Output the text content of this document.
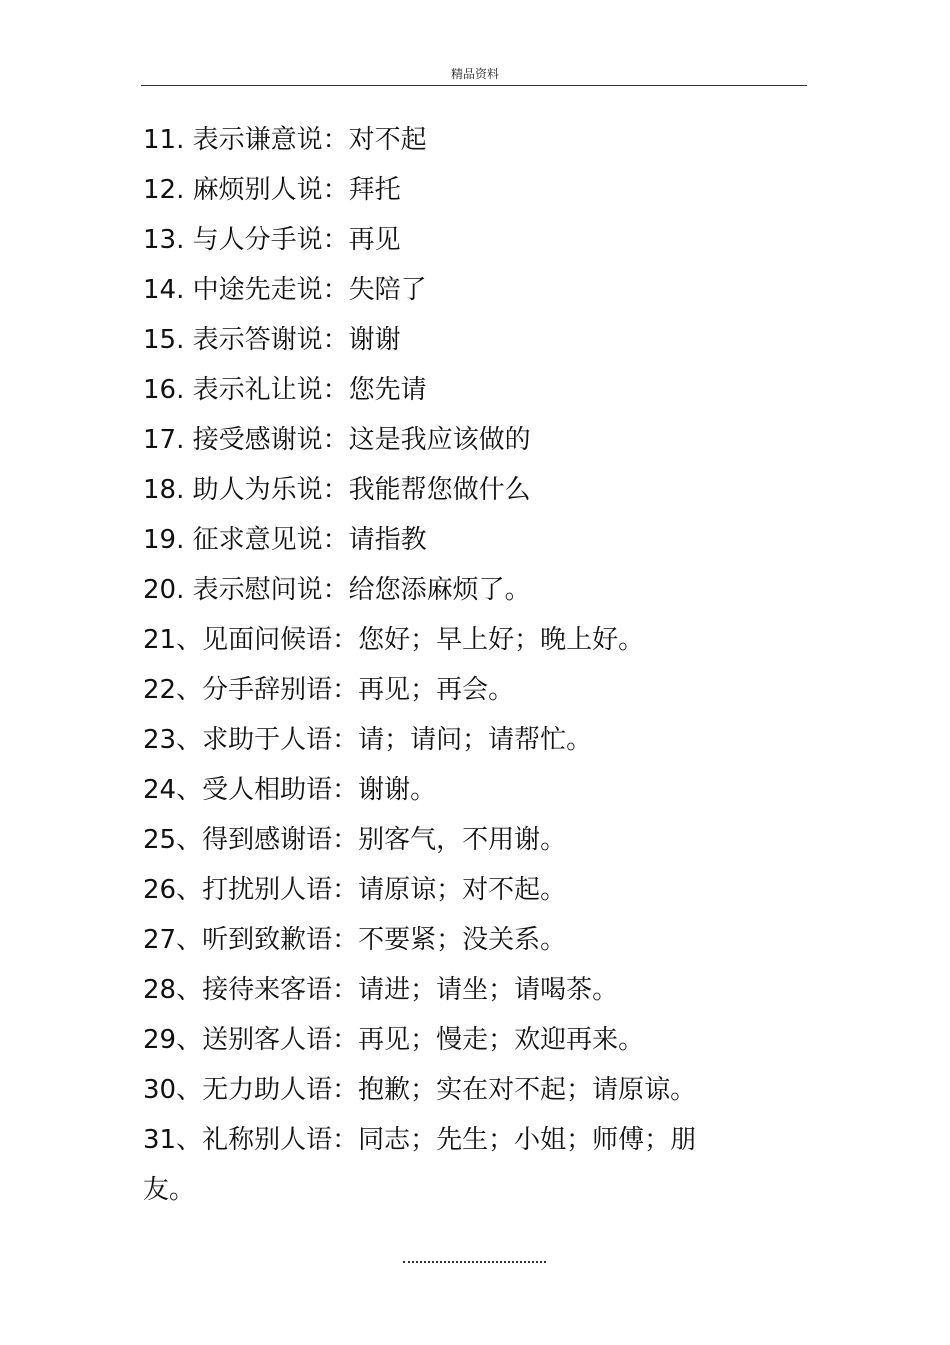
精品资料
11. 表示谦意说：对不起
12. 麻烦别人说：拜托
13. 与人分手说：再见
14. 中途先走说：失陪了
15. 表示答谢说：谢谢
16. 表示礼让说：您先请
17. 接受感谢说：这是我应该做的
18. 助人为乐说：我能帮您做什么
19. 征求意见说：请指教
20. 表示慰问说：给您添麻烦了。
21、见面问候语：您好；早上好；晚上好。
22、分手辞别语：再见；再会。
23、求助于人语：请；请问；请帮忙。
24、受人相助语：谢谢。
25、得到感谢语：别客气，不用谢。
26、打扰别人语：请原谅；对不起。
27、听到致歉语：不要紧；没关系。
28、接待来客语：请进；请坐；请喝茶。
29、送别客人语：再见；慢走；欢迎再来。
30、无力助人语：抱歉；实在对不起；请原谅。
31、礼称别人语：同志；先生；小姐；师傅；朋
友。
